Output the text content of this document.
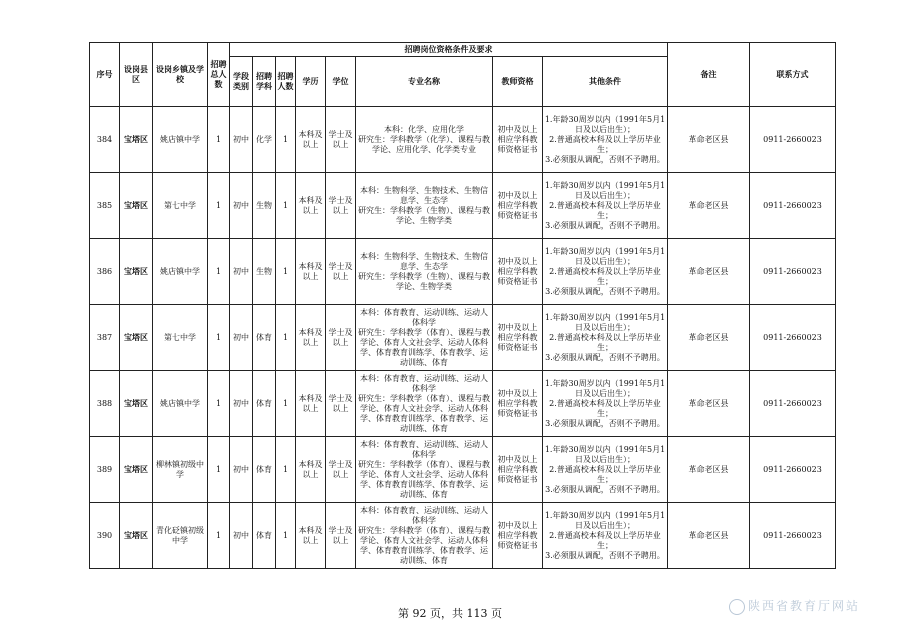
序号	设岗县区	设岗乡镇及学校	招聘总人数	招聘岗位资格条件及要求								备注	联系方式
				学段类别	招聘学科	招聘人数	学历	学位	专业名称	教师资格	其他条件		
384	宝塔区	姚店镇中学	1	初中	化学	1	本科及以上	学士及以上	本科：化学、应用化学
研究生：学科教学（化学）、课程与教学论、应用化学、化学类专业	初中及以上相应学科教师资格证书	1.年龄30周岁以内（1991年5月1日及以后出生）；
2.普通高校本科及以上学历毕业生；
3.必须服从调配，否则不予聘用。	革命老区县	0911-2660023
385	宝塔区	第七中学	1	初中	生物	1	本科及以上	学士及以上	本科：生物科学、生物技术、生物信息学、生态学
研究生：学科教学（生物）、课程与教学论、生物学类	初中及以上相应学科教师资格证书	1.年龄30周岁以内（1991年5月1日及以后出生）；
2.普通高校本科及以上学历毕业生；
3.必须服从调配，否则不予聘用。	革命老区县	0911-2660023
386	宝塔区	姚店镇中学	1	初中	生物	1	本科及以上	学士及以上	本科：生物科学、生物技术、生物信息学、生态学
研究生：学科教学（生物）、课程与教学论、生物学类	初中及以上相应学科教师资格证书	1.年龄30周岁以内（1991年5月1日及以后出生）；
2.普通高校本科及以上学历毕业生；
3.必须服从调配，否则不予聘用。	革命老区县	0911-2660023
387	宝塔区	第七中学	1	初中	体育	1	本科及以上	学士及以上	本科：体育教育、运动训练、运动人体科学
研究生：学科教学（体育）、课程与教学论、体育人文社会学、运动人体科学、体育教育训练学、体育教学、运动训练、体育	初中及以上相应学科教师资格证书	1.年龄30周岁以内（1991年5月1日及以后出生）；
2.普通高校本科及以上学历毕业生；
3.必须服从调配，否则不予聘用。	革命老区县	0911-2660023
388	宝塔区	姚店镇中学	1	初中	体育	1	本科及以上	学士及以上	本科：体育教育、运动训练、运动人体科学
研究生：学科教学（体育）、课程与教学论、体育人文社会学、运动人体科学、体育教育训练学、体育教学、运动训练、体育	初中及以上相应学科教师资格证书	1.年龄30周岁以内（1991年5月1日及以后出生）；
2.普通高校本科及以上学历毕业生；
3.必须服从调配，否则不予聘用。	革命老区县	0911-2660023
389	宝塔区	柳林镇初级中学	1	初中	体育	1	本科及以上	学士及以上	本科：体育教育、运动训练、运动人体科学
研究生：学科教学（体育）、课程与教学论、体育人文社会学、运动人体科学、体育教育训练学、体育教学、运动训练、体育	初中及以上相应学科教师资格证书	1.年龄30周岁以内（1991年5月1日及以后出生）；
2.普通高校本科及以上学历毕业生；
3.必须服从调配，否则不予聘用。	革命老区县	0911-2660023
390	宝塔区	青化砭镇初级中学	1	初中	体育	1	本科及以上	学士及以上	本科：体育教育、运动训练、运动人体科学
研究生：学科教学（体育）、课程与教学论、体育人文社会学、运动人体科学、体育教育训练学、体育教学、运动训练、体育	初中及以上相应学科教师资格证书	1.年龄30周岁以内（1991年5月1日及以后出生）；
2.普通高校本科及以上学历毕业生；
3.必须服从调配，否则不予聘用。	革命老区县	0911-2660023
第 92 页，共 113 页
陕西省教育厅网站
